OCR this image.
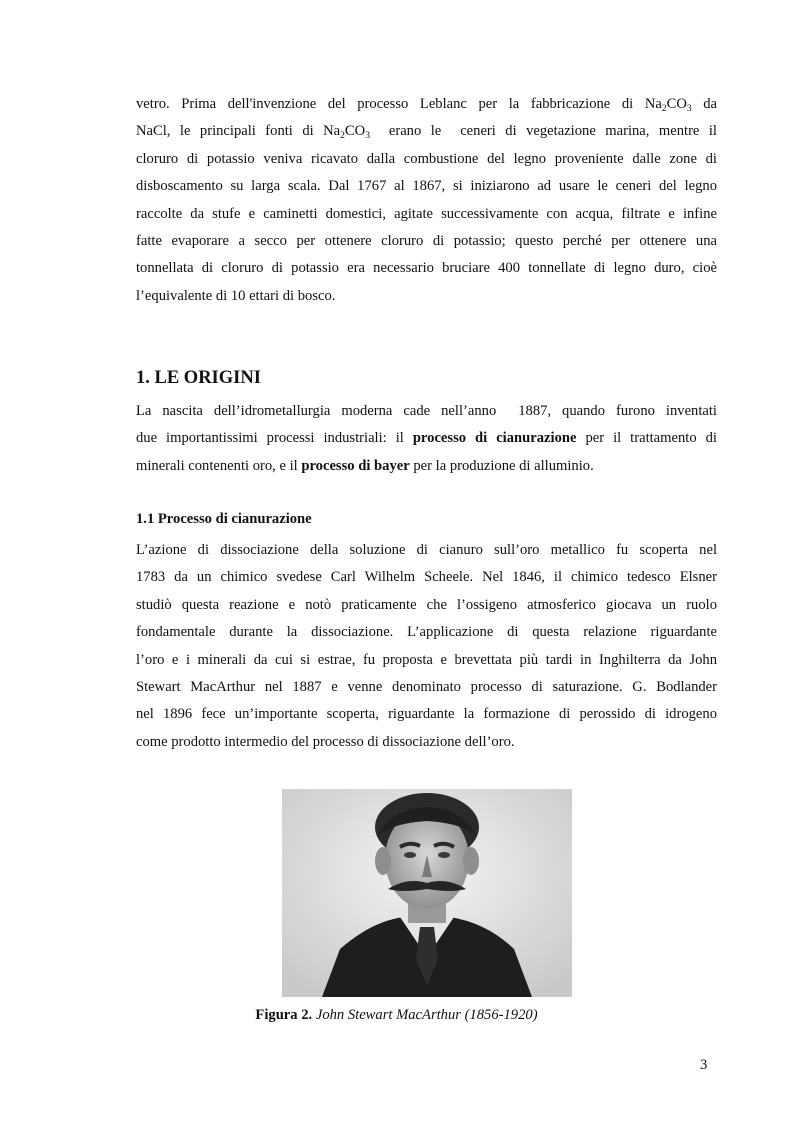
vetro. Prima dell'invenzione del processo Leblanc per la fabbricazione di $Na_2CO_3$ da
NaCl, le principali fonti di $Na_2CO_3$  erano le  ceneri di vegetazione marina, mentre il
cloruro di potassio veniva ricavato dalla combustione del legno proveniente dalle zone di
disboscamento su larga scala. Dal 1767 al 1867, si iniziarono ad usare le ceneri del legno
raccolte da stufe e caminetti domestici, agitate successivamente con acqua, filtrate e infine
fatte evaporare a secco per ottenere cloruro di potassio; questo perché per ottenere una
tonnellata di cloruro di potassio era necessario bruciare 400 tonnellate di legno duro, cioè
l’equivalente di 10 ettari di bosco.

1. LE ORIGINI

La nascita dell’idrometallurgia moderna cade nell’anno  1887, quando furono inventati
due importantissimi processi industriali: il processo di cianurazione per il trattamento di
minerali contenenti oro, e il processo di bayer per la produzione di alluminio.

1.1 Processo di cianurazione

L’azione di dissociazione della soluzione di cianuro sull’oro metallico fu scoperta nel
1783 da un chimico svedese Carl Wilhelm Scheele. Nel 1846, il chimico tedesco Elsner
studiò questa reazione e notò praticamente che l’ossigeno atmosferico giocava un ruolo
fondamentale durante la dissociazione. L’applicazione di questa relazione riguardante
l’oro e i minerali da cui si estrae, fu proposta e brevettata più tardi in Inghilterra da John
Stewart MacArthur nel 1887 e venne denominato processo di saturazione. G. Bodlander
nel 1896 fece un’importante scoperta, riguardante la formazione di perossido di idrogeno
come prodotto intermedio del processo di dissociazione dell’oro.

Figura 2. John Stewart MacArthur (1856-1920)

3
